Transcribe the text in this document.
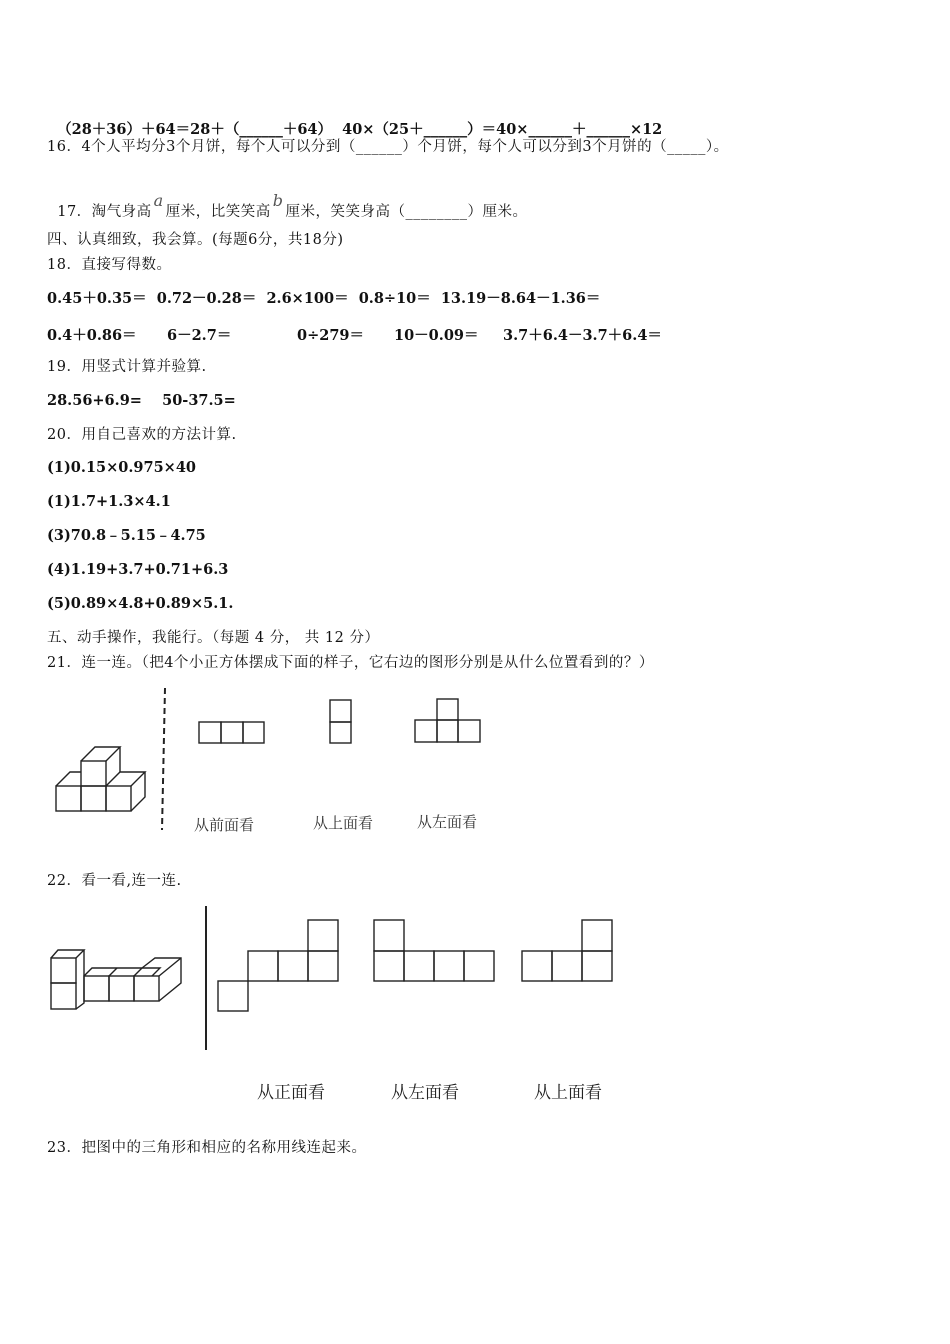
（28＋36）＋64＝28＋（______＋64） 40×（25＋______）＝40×______＋______×12

16．4个人平均分3个月饼，每个人可以分到（______）个月饼，每个人可以分到3个月饼的（_____）。

17．淘气身高a厘米，比笑笑高b厘米，笑笑身高（________）厘米。

四、认真细致，我会算。(每题6分，共18分)
18．直接写得数。
0.45＋0.35＝  0.72－0.28＝  2.6×100＝  0.8÷10＝  13.19－8.64－1.36＝
0.4＋0.86＝ 6－2.7＝	0÷279＝ 10－0.09＝ 3.7＋6.4－3.7＋6.4＝
19．用竖式计算并验算.
28.56+6.9=    50-37.5=
20．用自己喜欢的方法计算.
(1)0.15×0.975×40
(1)1.7+1.3×4.1
(3)70.8﹣5.15﹣4.75
(4)1.19+3.7+0.71+6.3
(5)0.89×4.8+0.89×5.1.
五、动手操作，我能行。（每题 4 分， 共 12 分）
21．连一连。（把4个小正方体摆成下面的样子，它右边的图形分别是从什么位置看到的？）
从前面看	从上面看	从左面看
22．看一看,连一连.
从正面看	从左面看	从上面看
23．把图中的三角形和相应的名称用线连起来。
